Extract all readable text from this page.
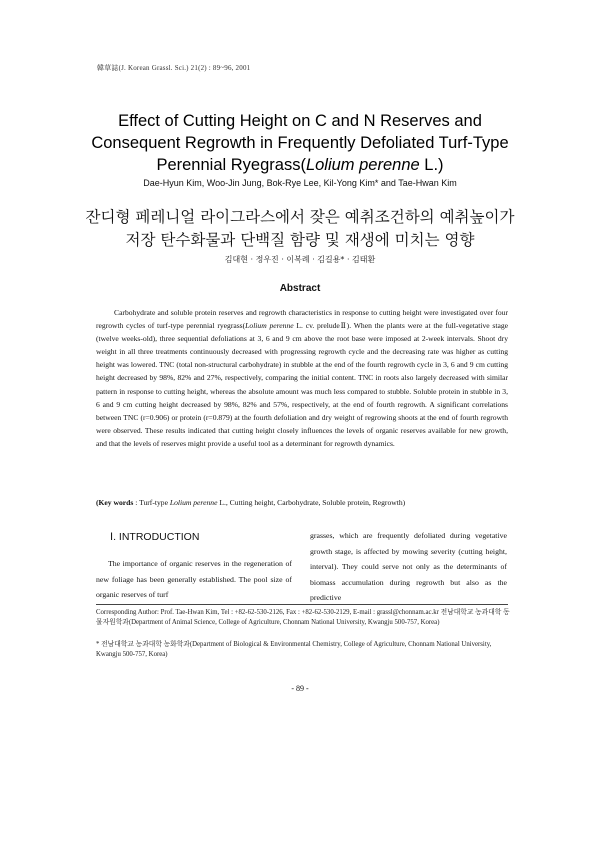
韓草誌(J. Korean Grassl. Sci.) 21(2) : 89~96, 2001
Effect of Cutting Height on C and N Reserves and
Consequent Regrowth in Frequently Defoliated Turf-Type
Perennial Ryegrass(Lolium perenne L.)
Dae-Hyun Kim, Woo-Jin Jung, Bok-Rye Lee, Kil-Yong Kim* and Tae-Hwan Kim
잔디형 페레니얼 라이그라스에서 잦은 예취조건하의 예취높이가
저장 탄수화물과 단백질 함량 및 재생에 미치는 영향
김대현 · 정우진 · 이복례 · 김길용* · 김태환
Abstract
Carbohydrate and soluble protein reserves and regrowth characteristics in response to cutting height were investigated over four regrowth cycles of turf-type perennial ryegrass(Lolium perenne L. cv. preludeⅡ). When the plants were at the full-vegetative stage (twelve weeks-old), three sequential defoliations at 3, 6 and 9 cm above the root base were imposed at 2-week intervals. Shoot dry weight in all three treatments continuously decreased with progressing regrowth cycle and the decreasing rate was higher as cutting height was lowered. TNC (total non-structural carbohydrate) in stubble at the end of the fourth regrowth cycle in 3, 6 and 9 cm cutting height decreased by 98%, 82% and 27%, respectively, comparing the initial content. TNC in roots also largely decreased with similar pattern in response to cutting height, whereas the absolute amount was much less compared to stubble. Soluble protein in stubble in 3, 6 and 9 cm cutting height decreased by 98%, 82% and 57%, respectively, at the end of fourth regrowth. A significant correlations between TNC (r=0.906) or protein (r=0.879) at the fourth defoliation and dry weight of regrowing shoots at the end of fourth regrowth were observed. These results indicated that cutting height closely influences the levels of organic reserves available for new growth, and that the levels of reserves might provide a useful tool as a determinant for regrowth dynamics.
(Key words : Turf-type Lolium perenne L., Cutting height, Carbohydrate, Soluble protein, Regrowth)
Ⅰ. INTRODUCTION
The importance of organic reserves in the regeneration of new foliage has been generally established. The pool size of organic reserves of turf
grasses, which are frequently defoliated during vegetative growth stage, is affected by mowing severity (cutting height, interval). They could serve not only as the determinants of biomass accumulation during regrowth but also as the predictive
Corresponding Author: Prof. Tae-Hwan Kim, Tel : +82-62-530-2126, Fax : +82-62-530-2129, E-mail : grassl@chonnam.ac.kr 전남대학교 농과대학 동물자원학과(Department of Animal Science, College of Agriculture, Chonnam National University, Kwangju 500-757, Korea)
* 전남대학교 농과대학 농화학과(Department of Biological & Environmental Chemistry, College of Agriculture, Chonnam National University, Kwangju 500-757, Korea)
- 89 -
